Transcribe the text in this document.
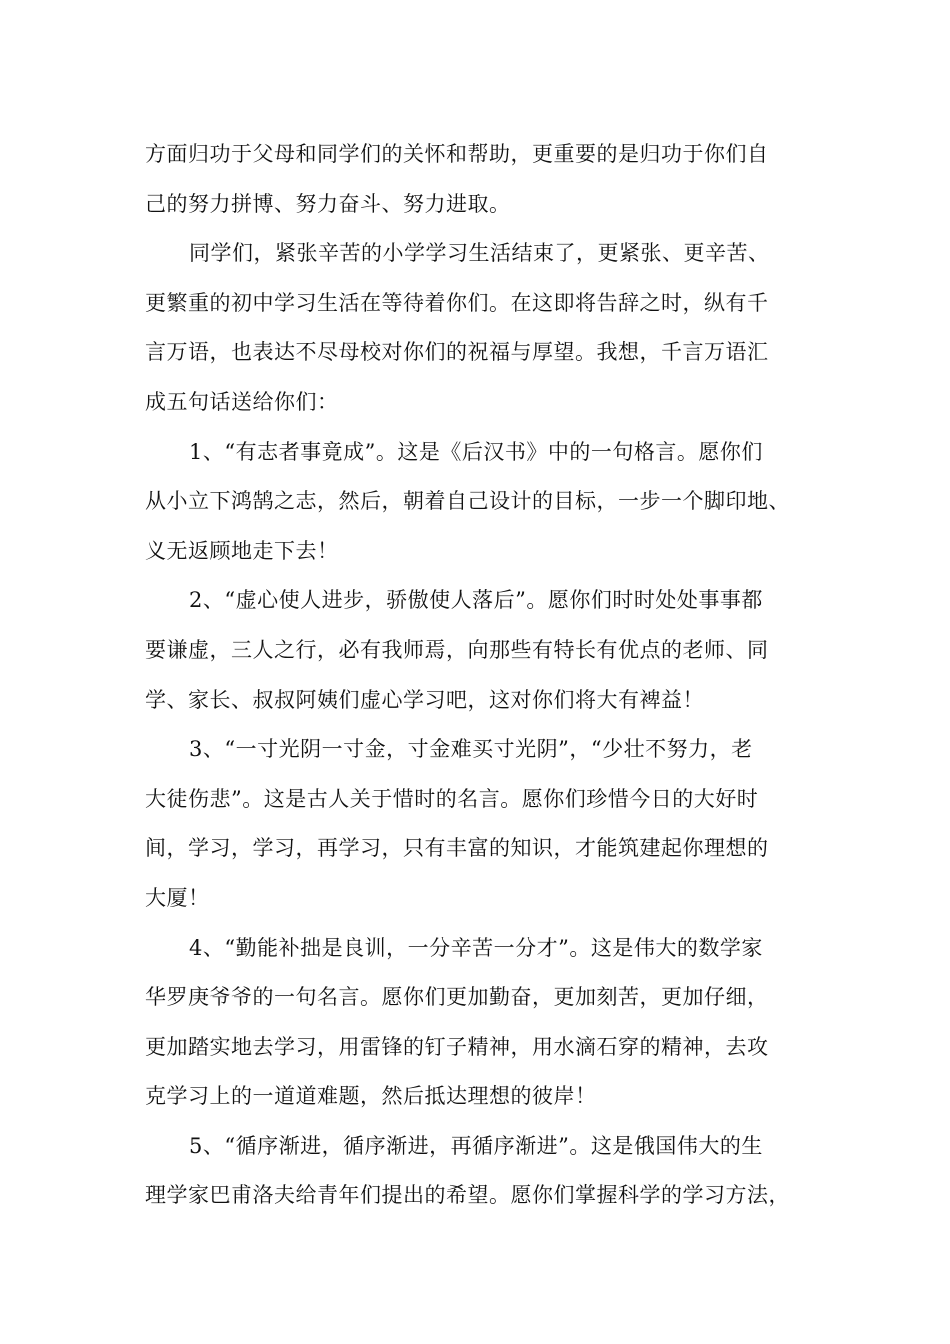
方面归功于父母和同学们的关怀和帮助，更重要的是归功于你们自
己的努力拼博、努力奋斗、努力进取。
同学们，紧张辛苦的小学学习生活结束了，更紧张、更辛苦、
更繁重的初中学习生活在等待着你们。在这即将告辞之时，纵有千
言万语，也表达不尽母校对你们的祝福与厚望。我想，千言万语汇
成五句话送给你们：
1、“有志者事竟成”。这是《后汉书》中的一句格言。愿你们
从小立下鸿鹄之志，然后，朝着自己设计的目标，一步一个脚印地、
义无返顾地走下去！
2、“虚心使人进步，骄傲使人落后”。愿你们时时处处事事都
要谦虚，三人之行，必有我师焉，向那些有特长有优点的老师、同
学、家长、叔叔阿姨们虚心学习吧，这对你们将大有裨益！
3、“一寸光阴一寸金，寸金难买寸光阴”，“少壮不努力，老
大徒伤悲”。这是古人关于惜时的名言。愿你们珍惜今日的大好时
间，学习，学习，再学习，只有丰富的知识，才能筑建起你理想的
大厦！
4、“勤能补拙是良训，一分辛苦一分才”。这是伟大的数学家
华罗庚爷爷的一句名言。愿你们更加勤奋，更加刻苦，更加仔细，
更加踏实地去学习，用雷锋的钉子精神，用水滴石穿的精神，去攻
克学习上的一道道难题，然后抵达理想的彼岸！
5、“循序渐进，循序渐进，再循序渐进”。这是俄国伟大的生
理学家巴甫洛夫给青年们提出的希望。愿你们掌握科学的学习方法，
